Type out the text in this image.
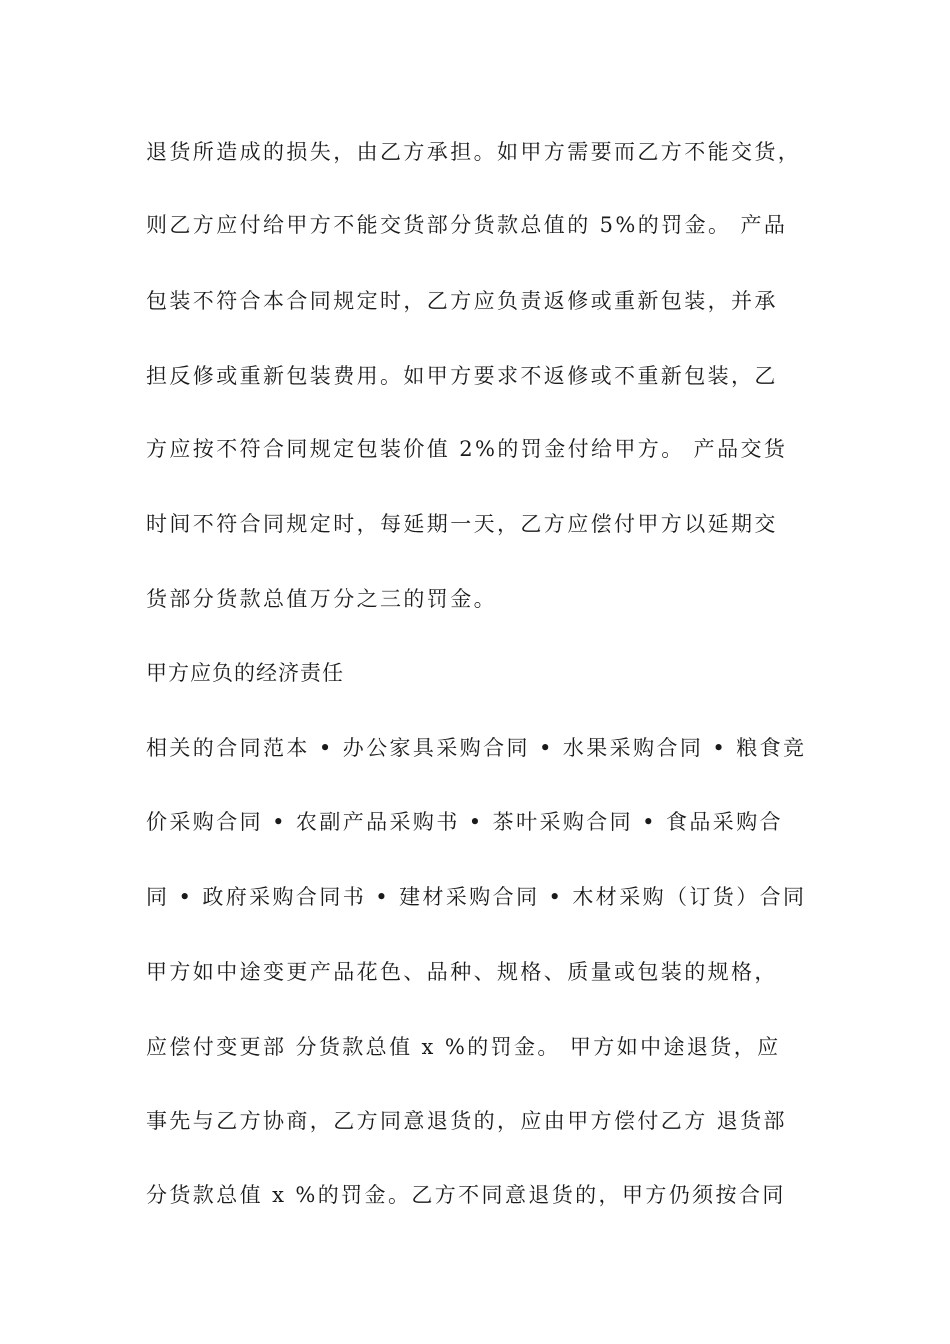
退货所造成的损失，由乙方承担。如甲方需要而乙方不能交货，
则乙方应付给甲方不能交货部分货款总值的 5%的罚金。 产品
包装不符合本合同规定时，乙方应负责返修或重新包装，并承
担反修或重新包装费用。如甲方要求不返修或不重新包装，乙
方应按不符合同规定包装价值 2%的罚金付给甲方。 产品交货
时间不符合同规定时，每延期一天，乙方应偿付甲方以延期交
货部分货款总值万分之三的罚金。
甲方应负的经济责任
相关的合同范本 • 办公家具采购合同 • 水果采购合同 • 粮食竞
价采购合同 • 农副产品采购书 • 茶叶采购合同 • 食品采购合
同 • 政府采购合同书 • 建材采购合同 • 木材采购（订货）合同
甲方如中途变更产品花色、品种、规格、质量或包装的规格，
应偿付变更部 分货款总值 x %的罚金。 甲方如中途退货，应
事先与乙方协商，乙方同意退货的，应由甲方偿付乙方 退货部
分货款总值 x %的罚金。乙方不同意退货的，甲方仍须按合同
